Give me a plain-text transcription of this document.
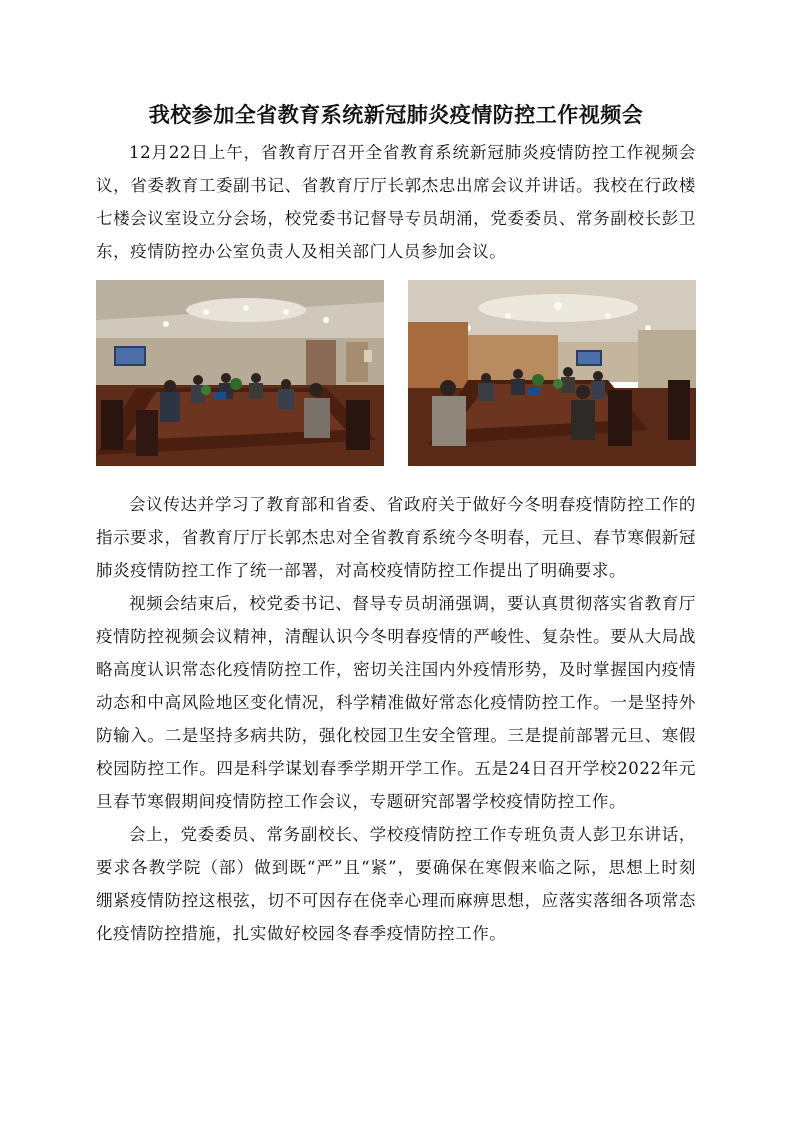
我校参加全省教育系统新冠肺炎疫情防控工作视频会

12月22日上午，省教育厅召开全省教育系统新冠肺炎疫情防控工作视频会议，省委教育工委副书记、省教育厅厅长郭杰忠出席会议并讲话。我校在行政楼七楼会议室设立分会场，校党委书记督导专员胡涌，党委委员、常务副校长彭卫东，疫情防控办公室负责人及相关部门人员参加会议。

会议传达并学习了教育部和省委、省政府关于做好今冬明春疫情防控工作的指示要求，省教育厅厅长郭杰忠对全省教育系统今冬明春，元旦、春节寒假新冠肺炎疫情防控工作了统一部署，对高校疫情防控工作提出了明确要求。

视频会结束后，校党委书记、督导专员胡涌强调，要认真贯彻落实省教育厅疫情防控视频会议精神，清醒认识今冬明春疫情的严峻性、复杂性。要从大局战略高度认识常态化疫情防控工作，密切关注国内外疫情形势，及时掌握国内疫情动态和中高风险地区变化情况，科学精准做好常态化疫情防控工作。一是坚持外防输入。二是坚持多病共防，强化校园卫生安全管理。三是提前部署元旦、寒假校园防控工作。四是科学谋划春季学期开学工作。五是24日召开学校2022年元旦春节寒假期间疫情防控工作会议，专题研究部署学校疫情防控工作。

会上，党委委员、常务副校长、学校疫情防控工作专班负责人彭卫东讲话，要求各教学院（部）做到既“严”且“紧”，要确保在寒假来临之际，思想上时刻绷紧疫情防控这根弦，切不可因存在侥幸心理而麻痹思想，应落实落细各项常态化疫情防控措施，扎实做好校园冬春季疫情防控工作。
